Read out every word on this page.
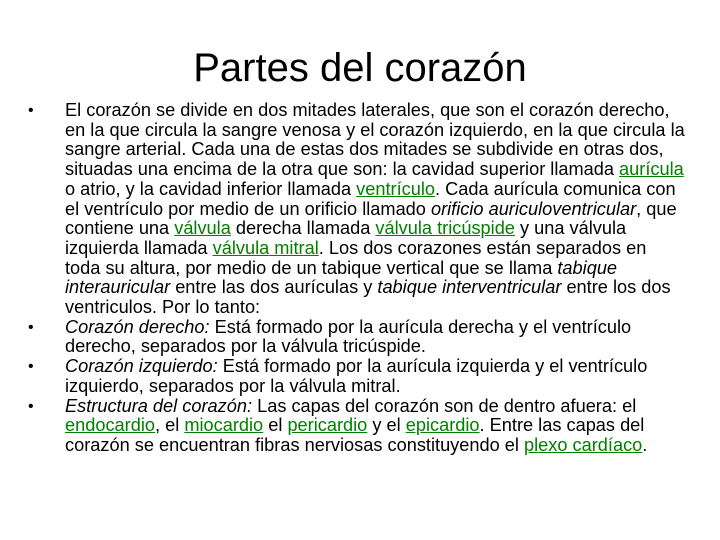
Partes del corazón
• El corazón se divide en dos mitades laterales, que son el corazón derecho, en la que circula la sangre venosa y el corazón izquierdo, en la que circula la sangre arterial. Cada una de estas dos mitades se subdivide en otras dos, situadas una encima de la otra que son: la cavidad superior llamada aurícula o atrio, y la cavidad inferior llamada ventrículo. Cada aurícula comunica con el ventrículo por medio de un orificio llamado orificio auriculoventricular, que contiene una válvula derecha llamada válvula tricúspide y una válvula izquierda llamada válvula mitral. Los dos corazones están separados en toda su altura, por medio de un tabique vertical que se llama tabique interauricular entre las dos aurículas y tabique interventricular entre los dos ventriculos. Por lo tanto:
• Corazón derecho: Está formado por la aurícula derecha y el ventrículo derecho, separados por la válvula tricúspide.
• Corazón izquierdo: Está formado por la aurícula izquierda y el ventrículo izquierdo, separados por la válvula mitral.
• Estructura del corazón: Las capas del corazón son de dentro afuera: el endocardio, el miocardio el pericardio y el epicardio. Entre las capas del corazón se encuentran fibras nerviosas constituyendo el plexo cardíaco.
